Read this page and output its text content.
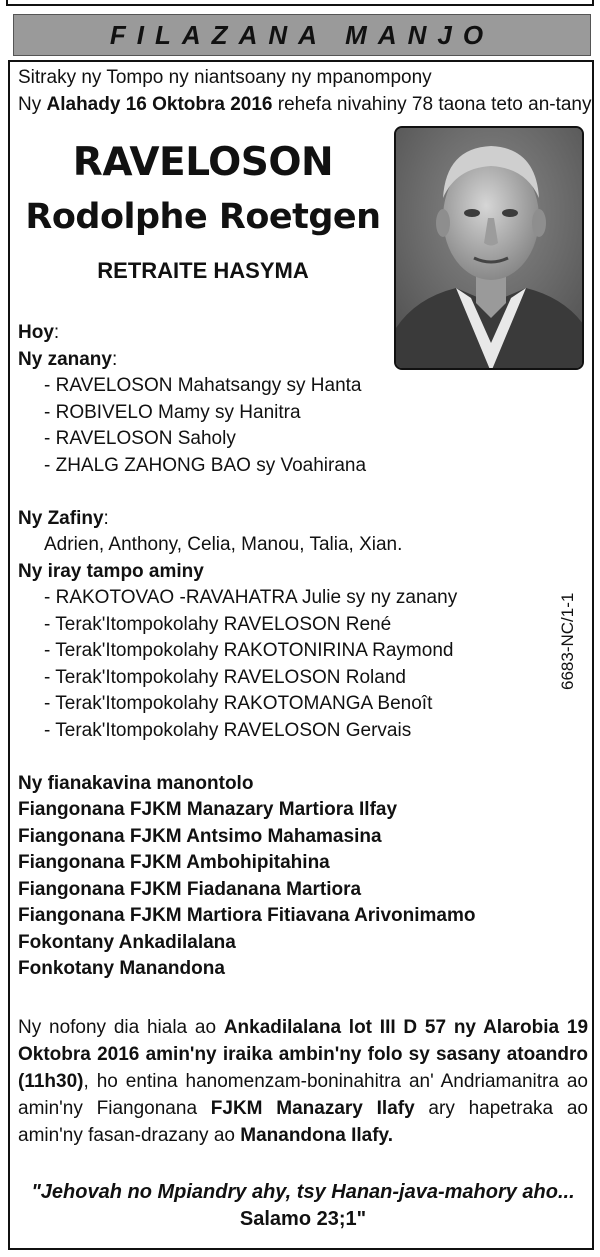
FILAZANA MANJO
Sitraky ny Tompo ny niantsoany ny mpanompony
Ny Alahady 16 Oktobra 2016 rehefa nivahiny 78 taona teto an-tany
RAVELOSON
Rodolphe Roetgen
RETRAITE HASYMA
Hoy:
Ny zanany:
- RAVELOSON Mahatsangy sy Hanta
- ROBIVELO Mamy sy Hanitra
- RAVELOSON Saholy
- ZHALG ZAHONG BAO sy Voahirana
Ny Zafiny:
Adrien, Anthony, Celia, Manou, Talia, Xian.
Ny iray tampo aminy
- RAKOTOVAO -RAVAHATRA Julie sy ny zanany
- Terak'Itompokolahy RAVELOSON René
- Terak'Itompokolahy RAKOTONIRINA Raymond
- Terak'Itompokolahy RAVELOSON Roland
- Terak'Itompokolahy RAKOTOMANGA Benoît
- Terak'Itompokolahy RAVELOSON Gervais
Ny fianakavina manontolo
Fiangonana FJKM Manazary Martiora Ilfay
Fiangonana FJKM Antsimo Mahamasina
Fiangonana FJKM Ambohipitahina
Fiangonana FJKM Fiadanana Martiora
Fiangonana FJKM Martiora Fitiavana Arivonimamo
Fokontany Ankadilalana
Fonkotany Manandona
6683-NC/1-1
Ny nofony dia hiala ao Ankadilalana lot III D 57 ny Alarobia 19 Oktobra 2016 amin'ny iraika ambin'ny folo sy sasany atoandro (11h30), ho entina hanomenzam-boninahitra an' Andriamanitra ao amin'ny Fiangonana FJKM Manazary Ilafy ary hapetraka ao amin'ny fasan-drazany ao Manandona Ilafy.
"Jehovah no Mpiandry ahy, tsy Hanan-java-mahory aho...
Salamo 23;1"
